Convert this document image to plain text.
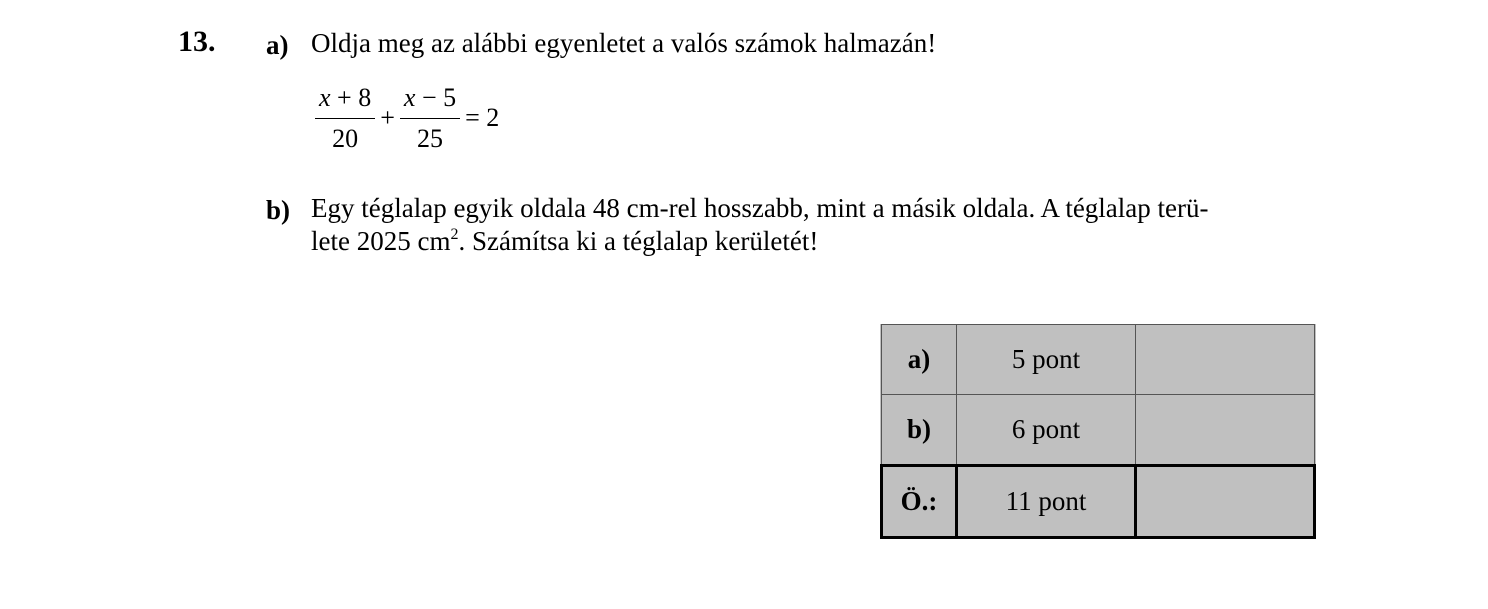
13. a) Oldja meg az alábbi egyenletet a valós számok halmazán!
$\frac{x + 8}{20} + \frac{x - 5}{25} = 2$
b) Egy téglalap egyik oldala 48 cm-rel hosszabb, mint a másik oldala. A téglalap terü-
lete 2025 $cm^2$. Számítsa ki a téglalap kerületét!
a)	5 pont	
b)	6 pont	
Ö.:	11 pont	
